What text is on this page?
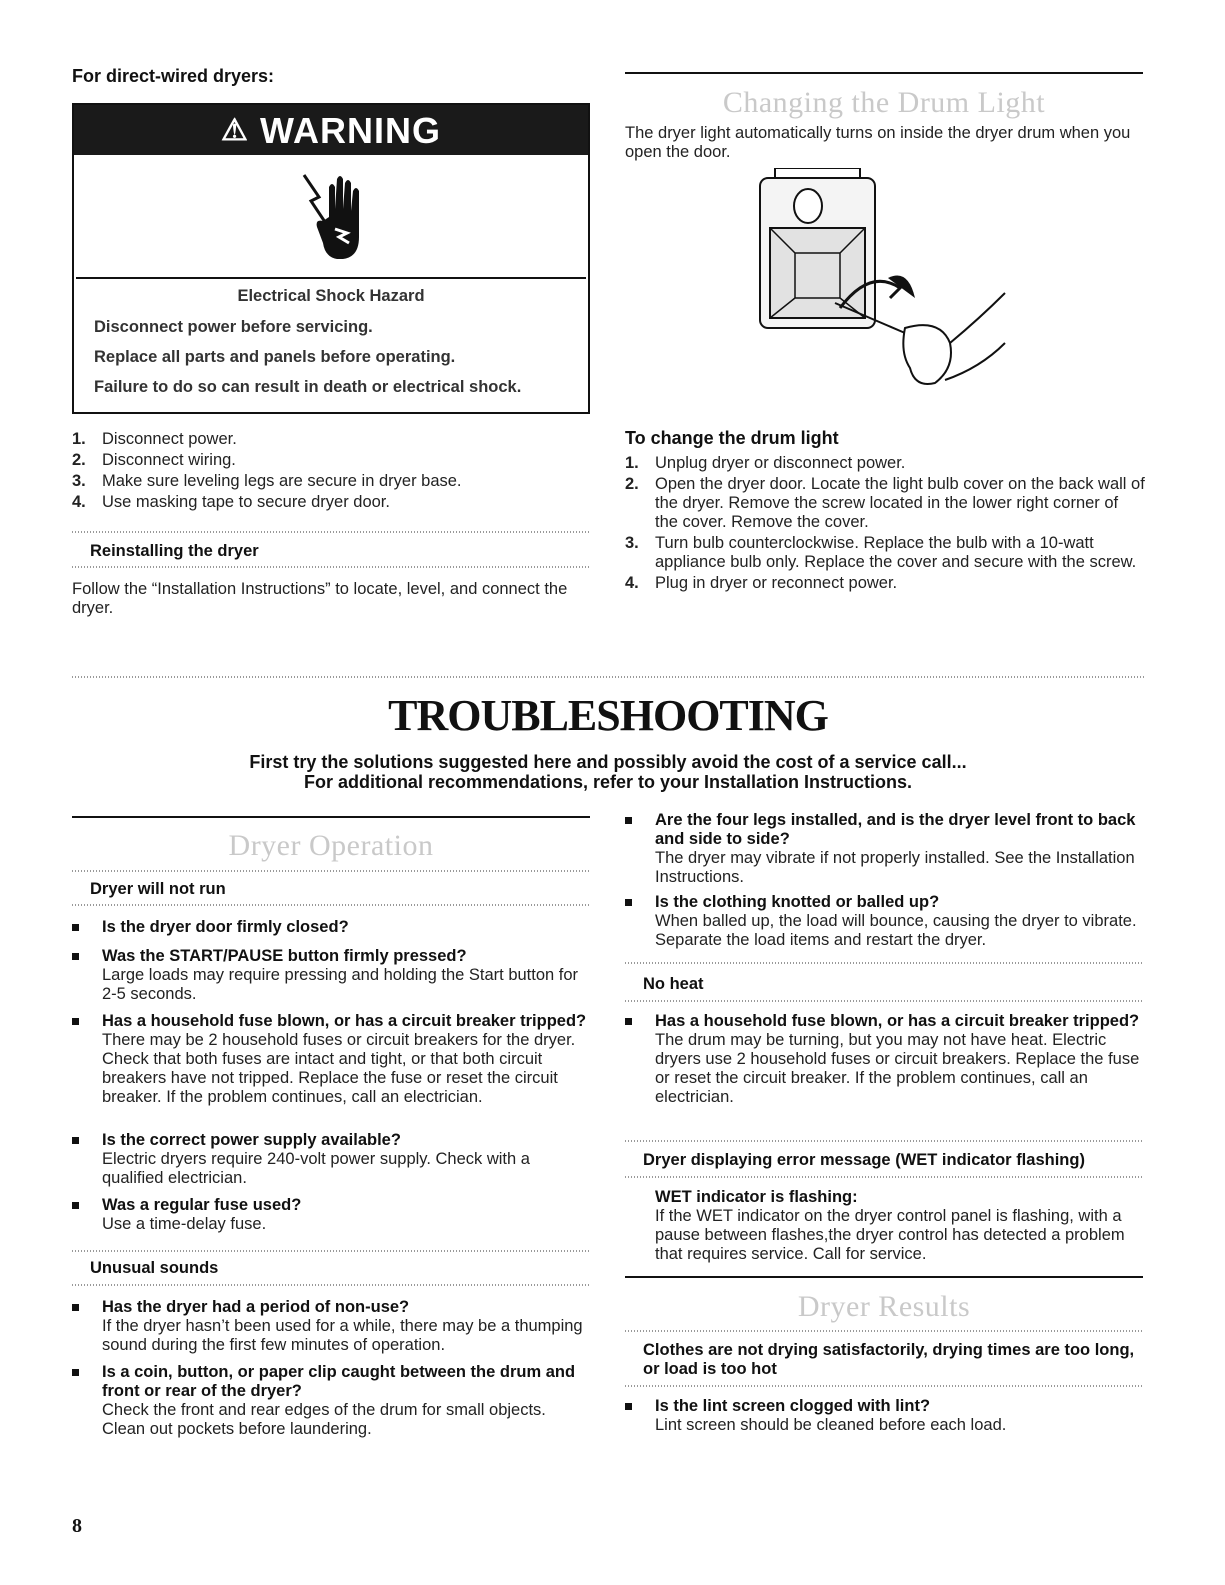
For direct-wired dryers:
⚠ WARNING
Electrical Shock Hazard
Disconnect power before servicing.
Replace all parts and panels before operating.
Failure to do so can result in death or electrical shock.
1. Disconnect power.
2. Disconnect wiring.
3. Make sure leveling legs are secure in dryer base.
4. Use masking tape to secure dryer door.
Reinstalling the dryer
Follow the “Installation Instructions” to locate, level, and connect the dryer.
Changing the Drum Light
The dryer light automatically turns on inside the dryer drum when you open the door.
To change the drum light
1. Unplug dryer or disconnect power.
2. Open the dryer door. Locate the light bulb cover on the back wall of the dryer. Remove the screw located in the lower right corner of the cover. Remove the cover.
3. Turn bulb counterclockwise. Replace the bulb with a 10-watt appliance bulb only. Replace the cover and secure with the screw.
4. Plug in dryer or reconnect power.
TROUBLESHOOTING
First try the solutions suggested here and possibly avoid the cost of a service call...
For additional recommendations, refer to your Installation Instructions.
Dryer Operation
Dryer will not run
Is the dryer door firmly closed?
Was the START/PAUSE button firmly pressed?
Large loads may require pressing and holding the Start button for 2-5 seconds.
Has a household fuse blown, or has a circuit breaker tripped?
There may be 2 household fuses or circuit breakers for the dryer. Check that both fuses are intact and tight, or that both circuit breakers have not tripped. Replace the fuse or reset the circuit breaker. If the problem continues, call an electrician.
Is the correct power supply available?
Electric dryers require 240-volt power supply. Check with a qualified electrician.
Was a regular fuse used?
Use a time-delay fuse.
Unusual sounds
Has the dryer had a period of non-use?
If the dryer hasn’t been used for a while, there may be a thumping sound during the first few minutes of operation.
Is a coin, button, or paper clip caught between the drum and front or rear of the dryer?
Check the front and rear edges of the drum for small objects. Clean out pockets before laundering.
Are the four legs installed, and is the dryer level front to back and side to side?
The dryer may vibrate if not properly installed. See the Installation Instructions.
Is the clothing knotted or balled up?
When balled up, the load will bounce, causing the dryer to vibrate. Separate the load items and restart the dryer.
No heat
Has a household fuse blown, or has a circuit breaker tripped?
The drum may be turning, but you may not have heat. Electric dryers use 2 household fuses or circuit breakers. Replace the fuse or reset the circuit breaker. If the problem continues, call an electrician.
Dryer displaying error message (WET indicator flashing)
WET indicator is flashing:
If the WET indicator on the dryer control panel is flashing, with a pause between flashes,the dryer control has detected a problem that requires service. Call for service.
Dryer Results
Clothes are not drying satisfactorily, drying times are too long, or load is too hot
Is the lint screen clogged with lint?
Lint screen should be cleaned before each load.
8
